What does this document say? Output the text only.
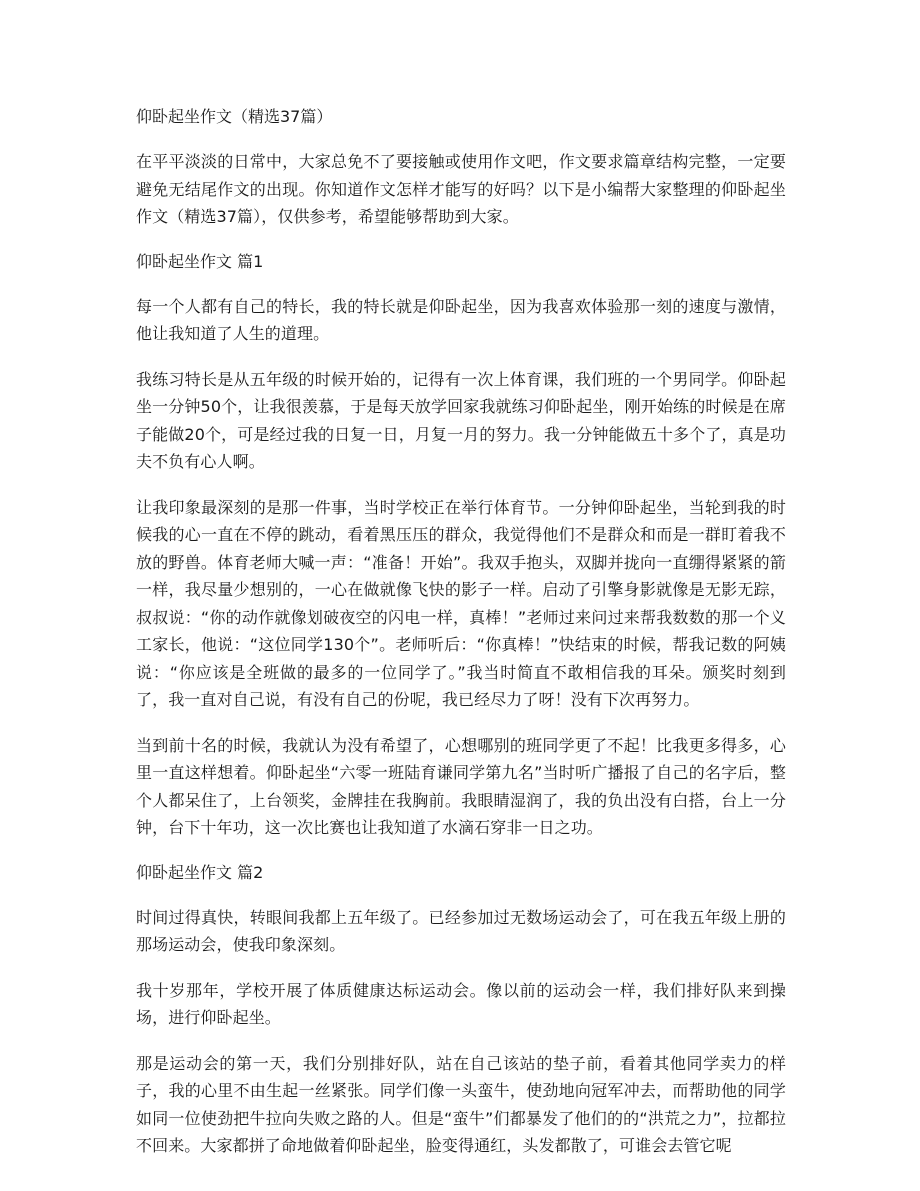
仰卧起坐作文（精选37篇）

在平平淡淡的日常中，大家总免不了要接触或使用作文吧，作文要求篇章结构完整，一定要避免无结尾作文的出现。你知道作文怎样才能写的好吗？以下是小编帮大家整理的仰卧起坐作文（精选37篇），仅供参考，希望能够帮助到大家。

仰卧起坐作文 篇1

每一个人都有自己的特长，我的特长就是仰卧起坐，因为我喜欢体验那一刻的速度与激情，他让我知道了人生的道理。

我练习特长是从五年级的时候开始的，记得有一次上体育课，我们班的一个男同学。仰卧起坐一分钟50个，让我很羡慕，于是每天放学回家我就练习仰卧起坐，刚开始练的时候是在席子能做20个，可是经过我的日复一日，月复一月的努力。我一分钟能做五十多个了，真是功夫不负有心人啊。

让我印象最深刻的是那一件事，当时学校正在举行体育节。一分钟仰卧起坐，当轮到我的时候我的心一直在不停的跳动，看着黑压压的群众，我觉得他们不是群众和而是一群盯着我不放的野兽。体育老师大喊一声：“准备！开始”。我双手抱头，双脚并拢向一直绷得紧紧的箭一样，我尽量少想别的，一心在做就像飞快的影子一样。启动了引擎身影就像是无影无踪，叔叔说：“你的动作就像划破夜空的闪电一样，真棒！”老师过来问过来帮我数数的那一个义工家长，他说：“这位同学130个”。老师听后：“你真棒！”快结束的时候，帮我记数的阿姨说：“你应该是全班做的最多的一位同学了。”我当时简直不敢相信我的耳朵。颁奖时刻到了，我一直对自己说，有没有自己的份呢，我已经尽力了呀！没有下次再努力。

当到前十名的时候，我就认为没有希望了，心想哪别的班同学更了不起！比我更多得多，心里一直这样想着。仰卧起坐“六零一班陆育谦同学第九名”当时听广播报了自己的名字后，整个人都呆住了，上台领奖，金牌挂在我胸前。我眼睛湿润了，我的负出没有白搭，台上一分钟，台下十年功，这一次比赛也让我知道了水滴石穿非一日之功。

仰卧起坐作文 篇2

时间过得真快，转眼间我都上五年级了。已经参加过无数场运动会了，可在我五年级上册的那场运动会，使我印象深刻。

我十岁那年，学校开展了体质健康达标运动会。像以前的运动会一样，我们排好队来到操场，进行仰卧起坐。

那是运动会的第一天，我们分别排好队，站在自己该站的垫子前，看着其他同学卖力的样子，我的心里不由生起一丝紧张。同学们像一头蛮牛，使劲地向冠军冲去，而帮助他的同学如同一位使劲把牛拉向失败之路的人。但是“蛮牛”们都暴发了他们的的“洪荒之力”，拉都拉不回来。大家都拼了命地做着仰卧起坐，脸变得通红，头发都散了，可谁会去管它呢
